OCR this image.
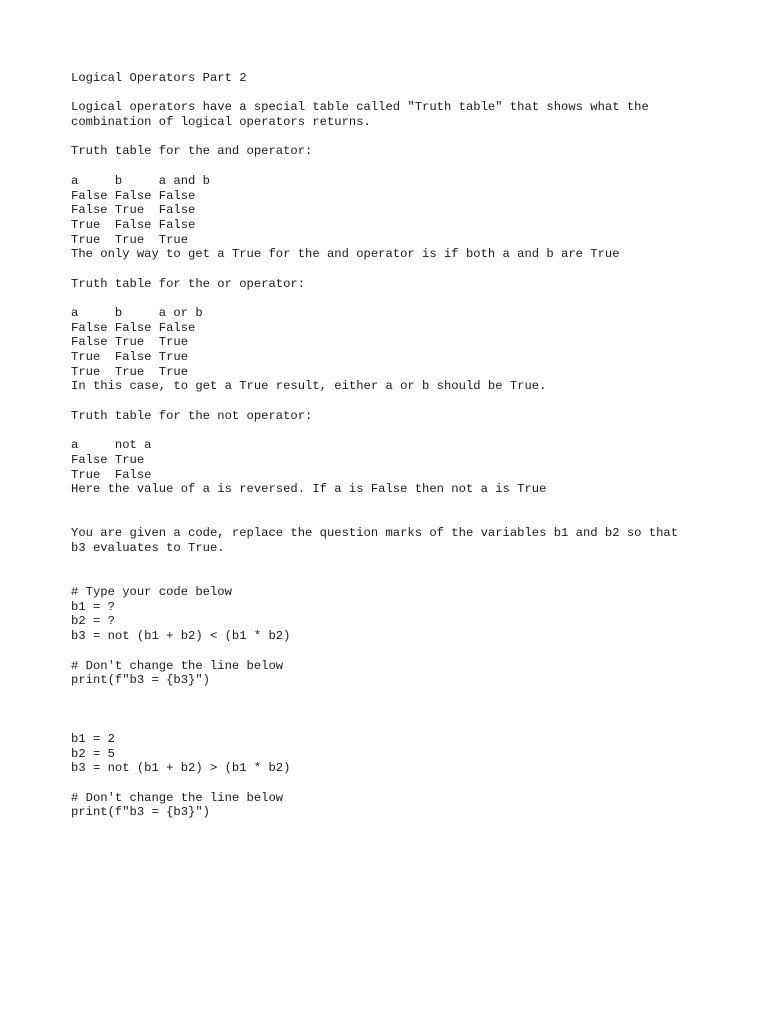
Logical Operators Part 2
Logical operators have a special table called "Truth table" that shows what the
combination of logical operators returns.
Truth table for the and operator:
a     b     a and b
False False False
False True  False
True  False False
True  True  True
The only way to get a True for the and operator is if both a and b are True
Truth table for the or operator:
a     b     a or b
False False False
False True  True
True  False True
True  True  True
In this case, to get a True result, either a or b should be True.
Truth table for the not operator:
a     not a
False True
True  False
Here the value of a is reversed. If a is False then not a is True
You are given a code, replace the question marks of the variables b1 and b2 so that
b3 evaluates to True.
# Type your code below
b1 = ?
b2 = ?
b3 = not (b1 + b2) < (b1 * b2)
# Don't change the line below
print(f"b3 = {b3}")
b1 = 2
b2 = 5
b3 = not (b1 + b2) > (b1 * b2)
# Don't change the line below
print(f"b3 = {b3}")
